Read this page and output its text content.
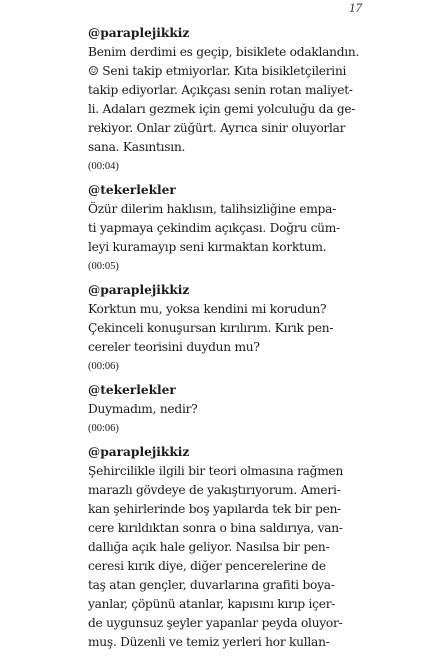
17

@paraplejikkiz

Benim derdimi es geçip, bisiklete odaklandın.

☺ Seni takip etmiyorlar. Kıta bisikletçilerini

takip ediyorlar. Açıkçası senin rotan maliyet-

li. Adaları gezmek için gemi yolculuğu da ge-

rekiyor. Onlar züğürt. Ayrıca sinir oluyorlar

sana. Kasıntısın.

(00:04)

@tekerlekler

Özür dilerim haklısın, talihsizliğine empa-

ti yapmaya çekindim açıkçası. Doğru cüm-

leyi kuramayıp seni kırmaktan korktum.

(00:05)

@paraplejikkiz

Korktun mu, yoksa kendini mi korudun?

Çekinceli konuşursan kırılırım. Kırık pen-

cereler teorisini duydun mu?

(00:06)

@tekerlekler

Duymadım, nedir?

(00:06)

@paraplejikkiz

Şehircilikle ilgili bir teori olmasına rağmen

marazlı gövdeye de yakıştırıyorum. Ameri-

kan şehirlerinde boş yapılarda tek bir pen-

cere kırıldıktan sonra o bina saldırıya, van-

dallığa açık hale geliyor. Nasılsa bir pen-

ceresi kırık diye, diğer pencerelerine de

taş atan gençler, duvarlarına grafiti boya-

yanlar, çöpünü atanlar, kapısını kırıp içer-

de uygunsuz şeyler yapanlar peyda oluyor-

muş. Düzenli ve temiz yerleri hor kullan-
